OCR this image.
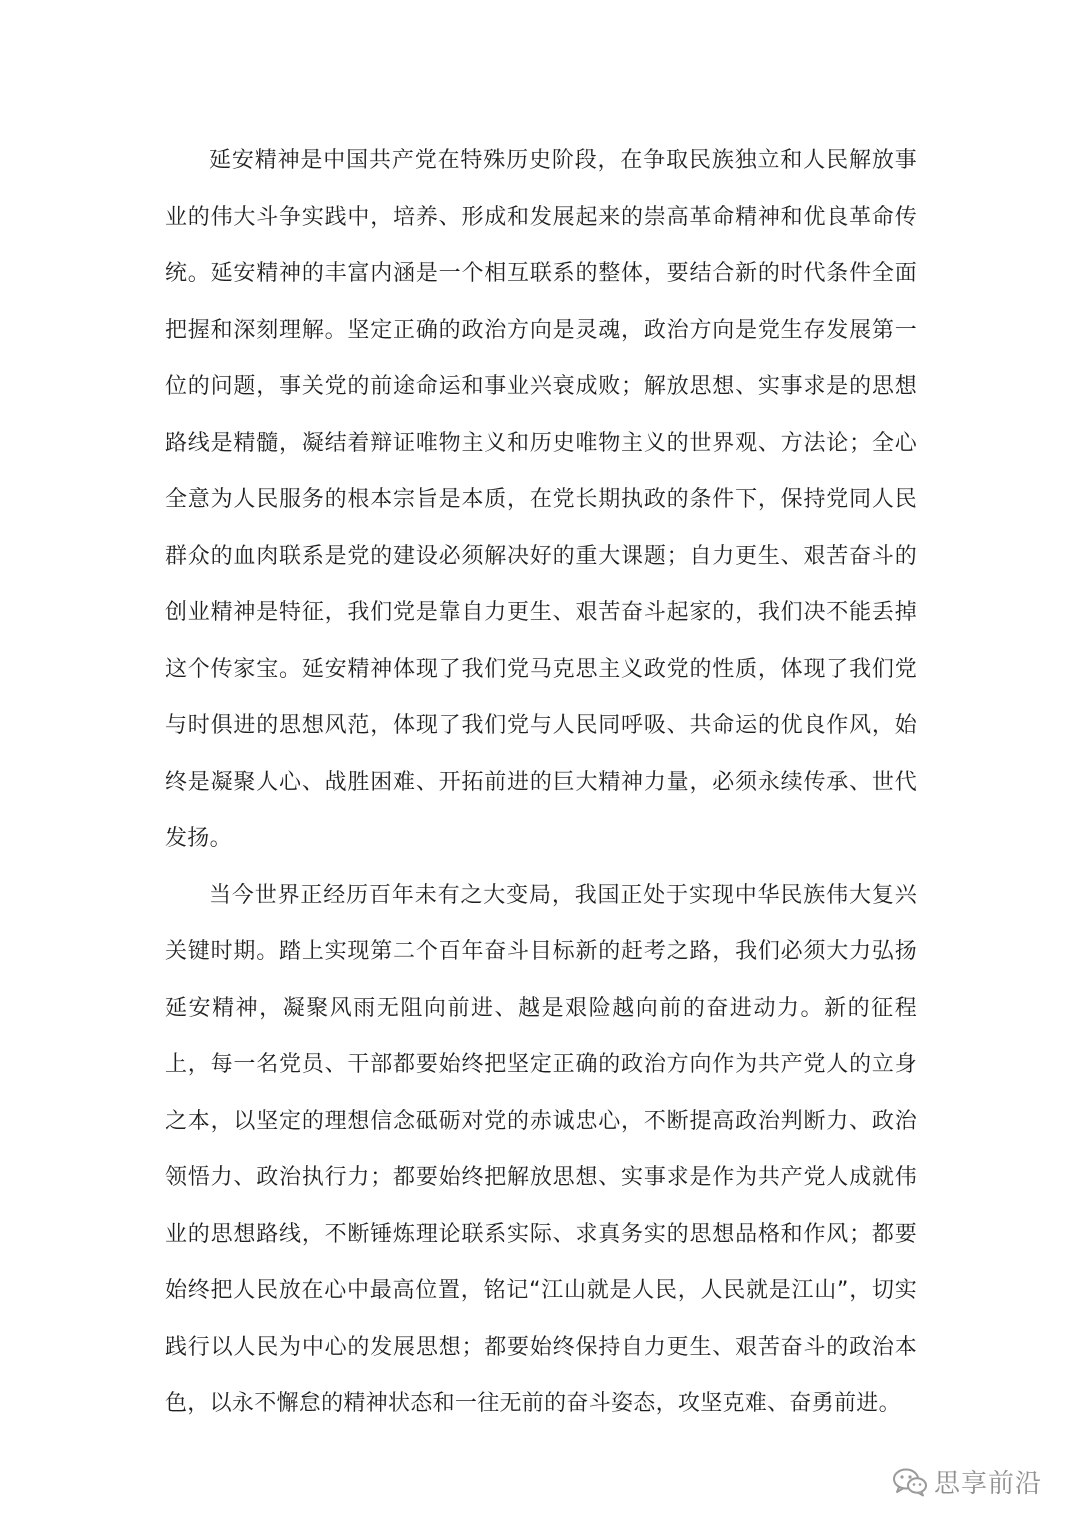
延安精神是中国共产党在特殊历史阶段，在争取民族独立和人民解放事业的伟大斗争实践中，培养、形成和发展起来的崇高革命精神和优良革命传统。延安精神的丰富内涵是一个相互联系的整体，要结合新的时代条件全面把握和深刻理解。坚定正确的政治方向是灵魂，政治方向是党生存发展第一位的问题，事关党的前途命运和事业兴衰成败；解放思想、实事求是的思想路线是精髓，凝结着辩证唯物主义和历史唯物主义的世界观、方法论；全心全意为人民服务的根本宗旨是本质，在党长期执政的条件下，保持党同人民群众的血肉联系是党的建设必须解决好的重大课题；自力更生、艰苦奋斗的创业精神是特征，我们党是靠自力更生、艰苦奋斗起家的，我们决不能丢掉这个传家宝。延安精神体现了我们党马克思主义政党的性质，体现了我们党与时俱进的思想风范，体现了我们党与人民同呼吸、共命运的优良作风，始终是凝聚人心、战胜困难、开拓前进的巨大精神力量，必须永续传承、世代发扬。

当今世界正经历百年未有之大变局，我国正处于实现中华民族伟大复兴关键时期。踏上实现第二个百年奋斗目标新的赶考之路，我们必须大力弘扬延安精神，凝聚风雨无阻向前进、越是艰险越向前的奋进动力。新的征程上，每一名党员、干部都要始终把坚定正确的政治方向作为共产党人的立身之本，以坚定的理想信念砥砺对党的赤诚忠心，不断提高政治判断力、政治领悟力、政治执行力；都要始终把解放思想、实事求是作为共产党人成就伟业的思想路线，不断锤炼理论联系实际、求真务实的思想品格和作风；都要始终把人民放在心中最高位置，铭记“江山就是人民，人民就是江山”，切实践行以人民为中心的发展思想；都要始终保持自力更生、艰苦奋斗的政治本色，以永不懈怠的精神状态和一往无前的奋斗姿态，攻坚克难、奋勇前进。

思享前沿
